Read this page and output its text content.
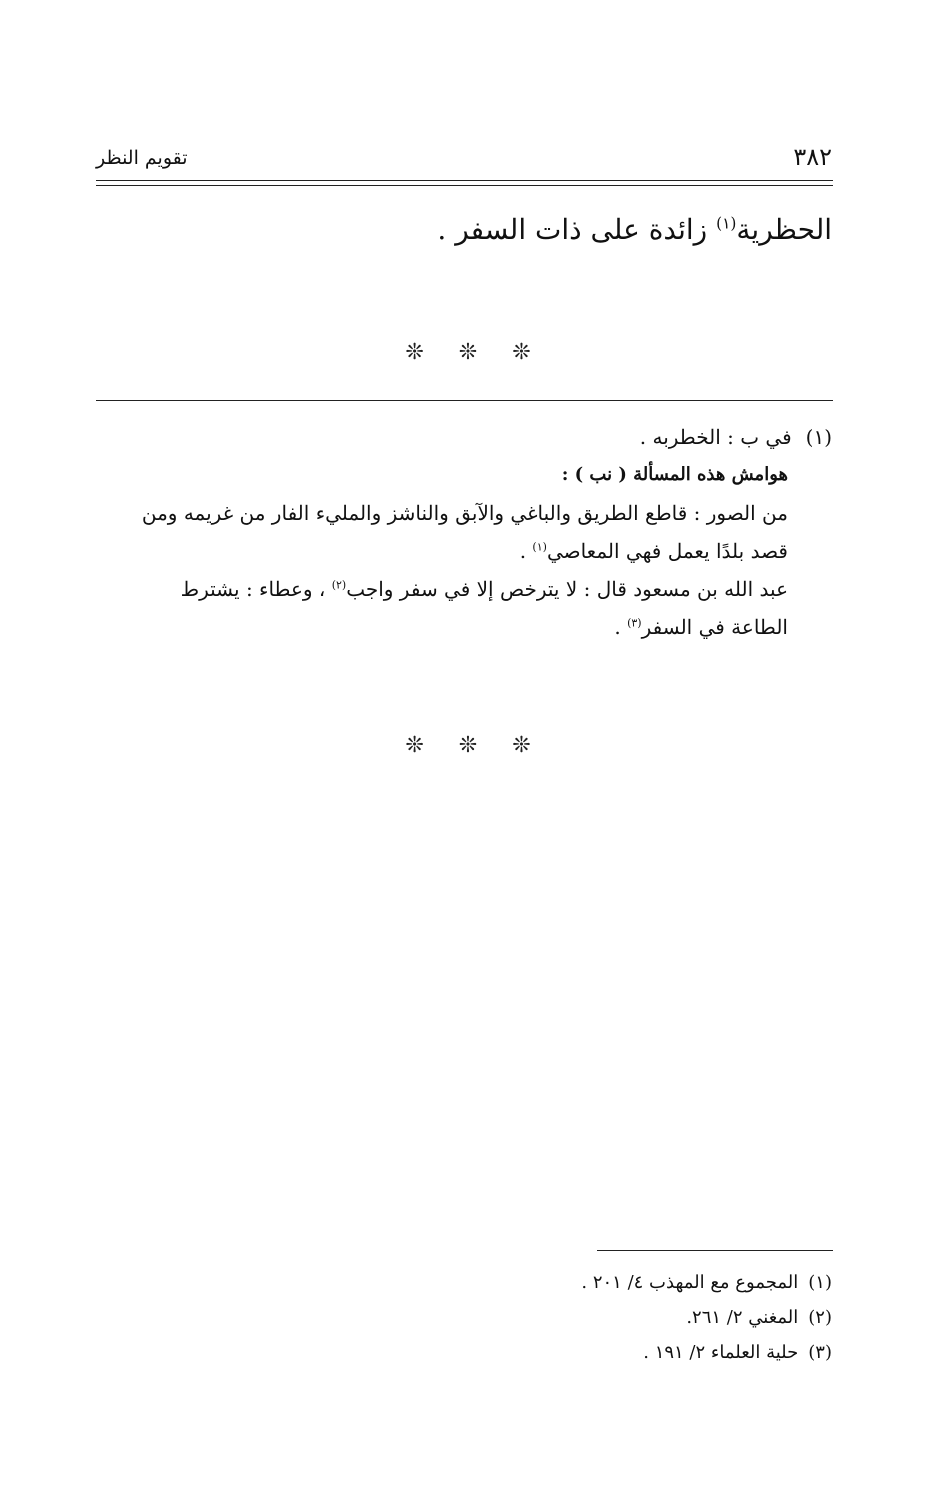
٣٨٢
تقويم النظر
الحظرية$^{(١)}$ زائدة على ذات السفر .
❊ ❊ ❊
(١)في ب : الخطربه .
هوامش هذه المسألة ( نب ) :
من الصور : قاطع الطريق والباغي والآبق والناشز والمليء الفار من غريمه ومن
قصد بلدًا يعمل فهي المعاصي$^{(١)}$ .
عبد الله بن مسعود قال : لا يترخص إلا في سفر واجب$^{(٢)}$ ، وعطاء : يشترط
الطاعة في السفر$^{(٣)}$ .
❊ ❊ ❊
(١)المجموع مع المهذب ٤/ ٢٠١ .
(٢)المغني ٢/ ٢٦١.
(٣)حلية العلماء ٢/ ١٩١ .
